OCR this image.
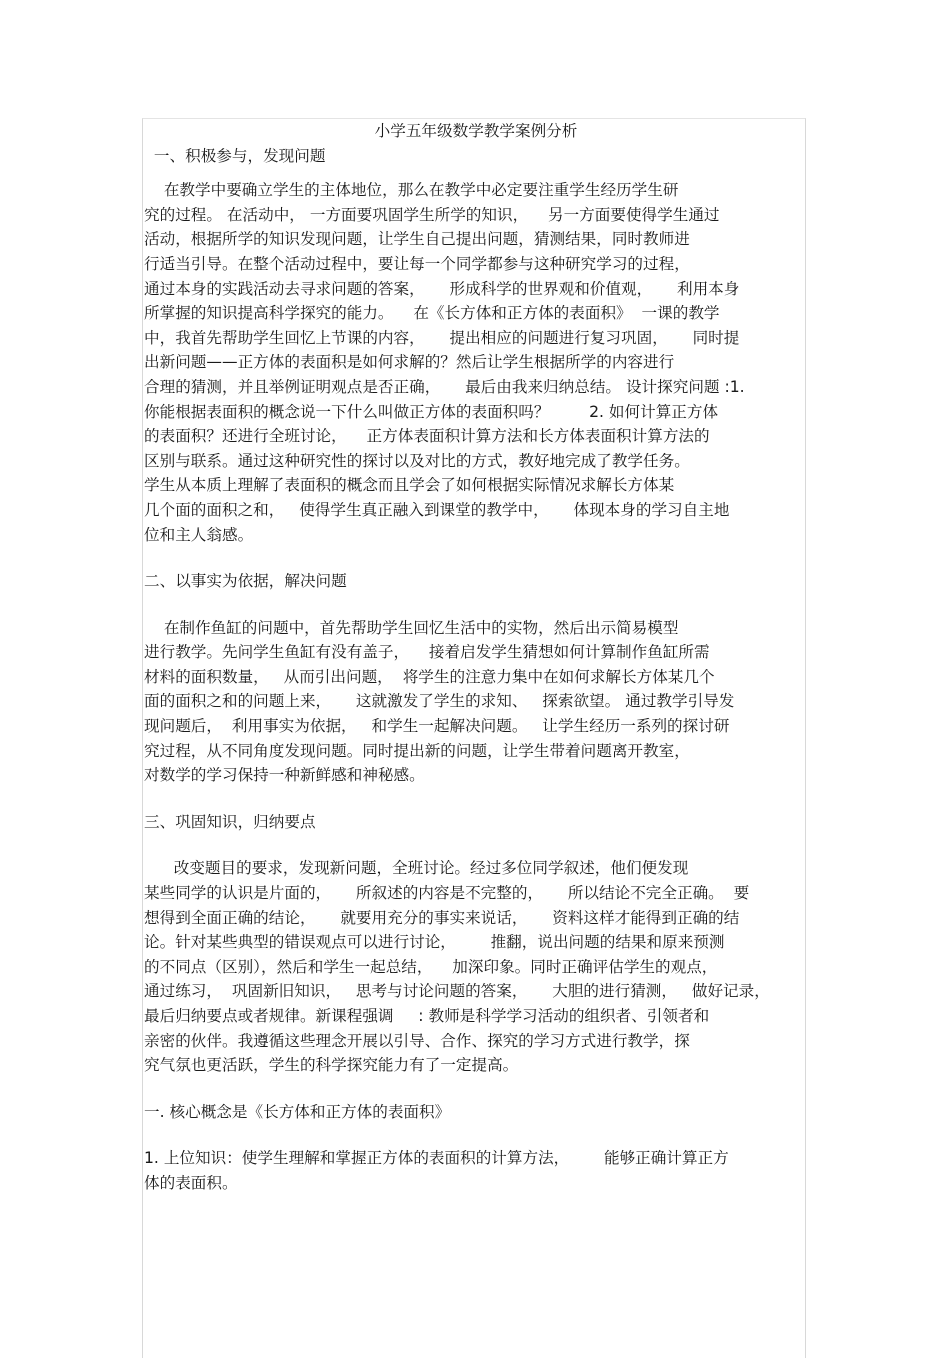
小学五年级数学教学案例分析
一、积极参与，发现问题
在教学中要确立学生的主体地位，那么在教学中必定要注重学生经历学生研
究的过程。 在活动中， 一方面要巩固学生所学的知识，    另一方面要使得学生通过
活动，根据所学的知识发现问题，让学生自己提出问题，猜测结果，同时教师进
行适当引导。在整个活动过程中，要让每一个同学都参与这种研究学习的过程，
通过本身的实践活动去寻求问题的答案，     形成科学的世界观和价值观，     利用本身
所掌握的知识提高科学探究的能力。    在《长方体和正方体的表面积》  一课的教学
中，我首先帮助学生回忆上节课的内容，     提出相应的问题进行复习巩固，     同时提
出新问题——正方体的表面积是如何求解的？然后让学生根据所学的内容进行
合理的猜测，并且举例证明观点是否正确，     最后由我来归纳总结。 设计探究问题 :1.
你能根据表面积的概念说一下什么叫做正方体的表面积吗？        2. 如何计算正方体
的表面积？还进行全班讨论，    正方体表面积计算方法和长方体表面积计算方法的
区别与联系。通过这种研究性的探讨以及对比的方式，教好地完成了教学任务。
学生从本质上理解了表面积的概念而且学会了如何根据实际情况求解长方体某
几个面的面积之和，   使得学生真正融入到课堂的教学中，     体现本身的学习自主地
位和主人翁感。
二、以事实为依据，解决问题
在制作鱼缸的问题中，首先帮助学生回忆生活中的实物，然后出示简易模型
进行教学。先问学生鱼缸有没有盖子，    接着启发学生猜想如何计算制作鱼缸所需
材料的面积数量，   从而引出问题，  将学生的注意力集中在如何求解长方体某几个
面的面积之和的问题上来，     这就激发了学生的求知、   探索欲望。 通过教学引导发
现问题后，  利用事实为依据，   和学生一起解决问题。   让学生经历一系列的探讨研
究过程，从不同角度发现问题。同时提出新的问题，让学生带着问题离开教室，
对数学的学习保持一种新鲜感和神秘感。
三、巩固知识，归纳要点
改变题目的要求，发现新问题，全班讨论。经过多位同学叙述，他们便发现
某些同学的认识是片面的，     所叙述的内容是不完整的，     所以结论不完全正确。  要
想得到全面正确的结论，     就要用充分的事实来说话，     资料这样才能得到正确的结
论。针对某些典型的错误观点可以进行讨论，       推翻，说出问题的结果和原来预测
的不同点（区别），然后和学生一起总结，    加深印象。同时正确评估学生的观点，
通过练习，  巩固新旧知识，   思考与讨论问题的答案，     大胆的进行猜测，   做好记录，
最后归纳要点或者规律。新课程强调     : 教师是科学学习活动的组织者、引领者和
亲密的伙伴。我遵循这些理念开展以引导、合作、探究的学习方式进行教学，探
究气氛也更活跃，学生的科学探究能力有了一定提高。
一. 核心概念是《长方体和正方体的表面积》
1. 上位知识：使学生理解和掌握正方体的表面积的计算方法，       能够正确计算正方
体的表面积。
